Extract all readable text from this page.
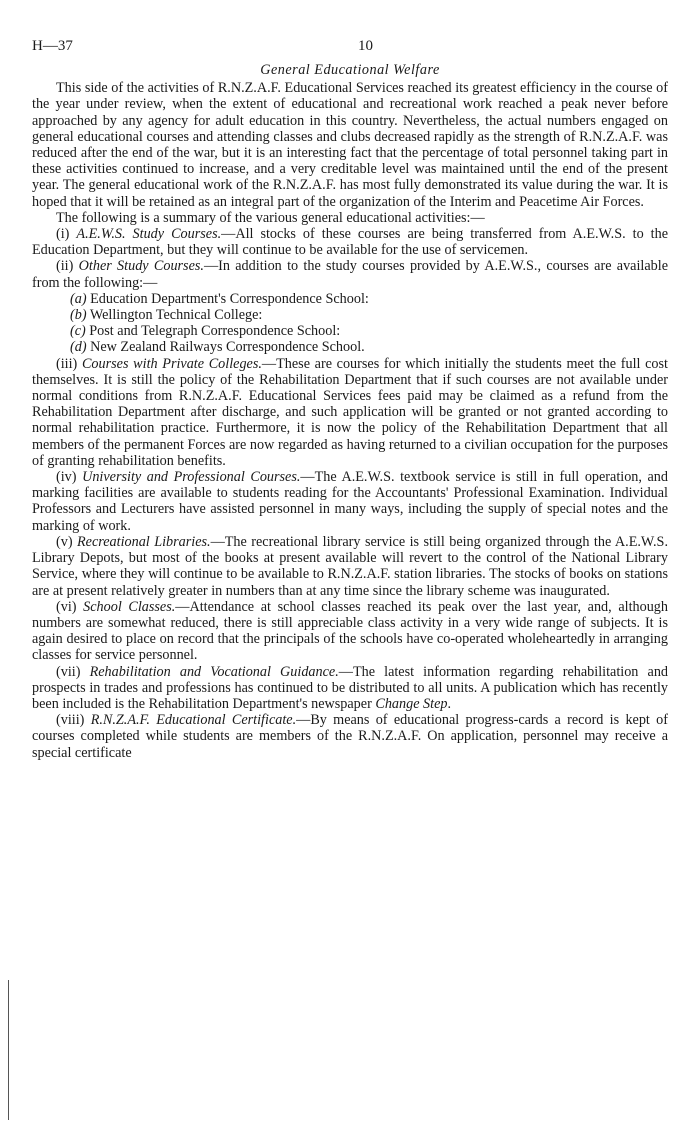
H—37	10
General Educational Welfare

This side of the activities of R.N.Z.A.F. Educational Services reached its greatest efficiency in the course of the year under review, when the extent of educational and recreational work reached a peak never before approached by any agency for adult education in this country. Nevertheless, the actual numbers engaged on general educational courses and attending classes and clubs decreased rapidly as the strength of R.N.Z.A.F. was reduced after the end of the war, but it is an interesting fact that the percentage of total personnel taking part in these activities continued to increase, and a very creditable level was maintained until the end of the present year. The general educational work of the R.N.Z.A.F. has most fully demonstrated its value during the war. It is hoped that it will be retained as an integral part of the organization of the Interim and Peacetime Air Forces.

The following is a summary of the various general educational activities:—

(i) A.E.W.S. Study Courses.—All stocks of these courses are being transferred from A.E.W.S. to the Education Department, but they will continue to be available for the use of servicemen.

(ii) Other Study Courses.—In addition to the study courses provided by A.E.W.S., courses are available from the following:—

(a) Education Department's Correspondence School:
(b) Wellington Technical College:
(c) Post and Telegraph Correspondence School:
(d) New Zealand Railways Correspondence School.

(iii) Courses with Private Colleges.—These are courses for which initially the students meet the full cost themselves. It is still the policy of the Rehabilitation Department that if such courses are not available under normal conditions from R.N.Z.A.F. Educational Services fees paid may be claimed as a refund from the Rehabilitation Department after discharge, and such application will be granted or not granted according to normal rehabilitation practice. Furthermore, it is now the policy of the Rehabilitation Department that all members of the permanent Forces are now regarded as having returned to a civilian occupation for the purposes of granting rehabilitation benefits.

(iv) University and Professional Courses.—The A.E.W.S. textbook service is still in full operation, and marking facilities are available to students reading for the Accountants' Professional Examination. Individual Professors and Lecturers have assisted personnel in many ways, including the supply of special notes and the marking of work.

(v) Recreational Libraries.—The recreational library service is still being organized through the A.E.W.S. Library Depots, but most of the books at present available will revert to the control of the National Library Service, where they will continue to be available to R.N.Z.A.F. station libraries. The stocks of books on stations are at present relatively greater in numbers than at any time since the library scheme was inaugurated.

(vi) School Classes.—Attendance at school classes reached its peak over the last year, and, although numbers are somewhat reduced, there is still appreciable class activity in a very wide range of subjects. It is again desired to place on record that the principals of the schools have co-operated wholeheartedly in arranging classes for service personnel.

(vii) Rehabilitation and Vocational Guidance.—The latest information regarding rehabilitation and prospects in trades and professions has continued to be distributed to all units. A publication which has recently been included is the Rehabilitation Department's newspaper Change Step.

(viii) R.N.Z.A.F. Educational Certificate.—By means of educational progress-cards a record is kept of courses completed while students are members of the R.N.Z.A.F. On application, personnel may receive a special certificate
